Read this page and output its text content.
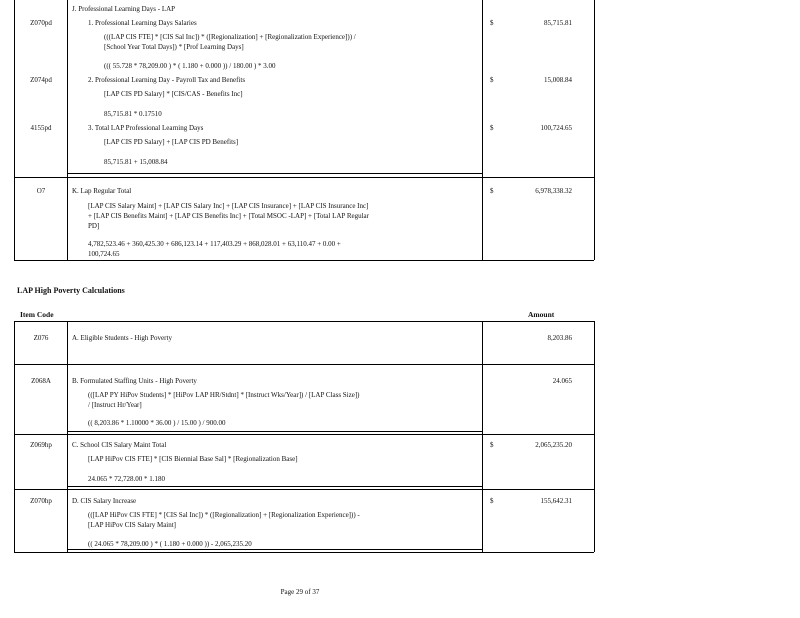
Z070pd
J. Professional Learning Days - LAP
1. Professional Learning Days Salaries
(((LAP CIS FTE] * [CIS Sal Inc]) * ([Regionalization] + [Regionalization Experience])) /
[School Year Total Days]) * [Prof Learning Days]
((( 55.728 * 78,209.00 ) * ( 1.180 + 0.000 )) / 180.00 ) * 3.00
$	85,715.81
Z074pd	2. Professional Learning Day - Payroll Tax and Benefits
[LAP CIS PD Salary] * [CIS/CAS - Benefits Inc]
85,715.81 * 0.17510
$	15,008.84
4155pd	3. Total LAP Professional Learning Days
[LAP CIS PD Salary] + [LAP CIS PD Benefits]
85,715.81 + 15,008.84
$	100,724.65
O7	K. Lap Regular Total
[LAP CIS Salary Maint] + [LAP CIS Salary Inc] + [LAP CIS Insurance] + [LAP CIS Insurance Inc]
+ [LAP CIS Benefits Maint] + [LAP CIS Benefits Inc] + [Total MSOC -LAP] + [Total LAP Regular
PD]
4,782,523.46 + 360,425.30 + 686,123.14 + 117,403.29 + 868,028.01 + 63,110.47 + 0.00 +
100,724.65
$	6,978,338.32
LAP High Poverty Calculations
Item Code	Amount
Z076	A. Eligible Students - High Poverty	8,203.86
Z068A	B. Formulated Staffing Units - High Poverty
(([LAP PY HiPov Students] * [HiPov LAP HR/Stdnt] * [Instruct Wks/Year]) / [LAP Class Size])
/ [Instruct Hr/Year]
(( 8,203.86 * 1.10000 * 36.00 ) / 15.00 ) / 900.00
24.065
Z069hp	C. School CIS Salary Maint Total
[LAP HiPov CIS FTE] * [CIS Biennial Base Sal] * [Regionalization Base]
24.065 * 72,728.00 * 1.180
$	2,065,235.20
Z070hp	D. CIS Salary Increase
(([LAP HiPov CIS FTE] * [CIS Sal Inc]) * ([Regionalization] + [Regionalization Experience])) -
[LAP HiPov CIS Salary Maint]
(( 24.065 * 78,209.00 ) * ( 1.180 + 0.000 )) - 2,065,235.20
$	155,642.31
Page 29 of 37
